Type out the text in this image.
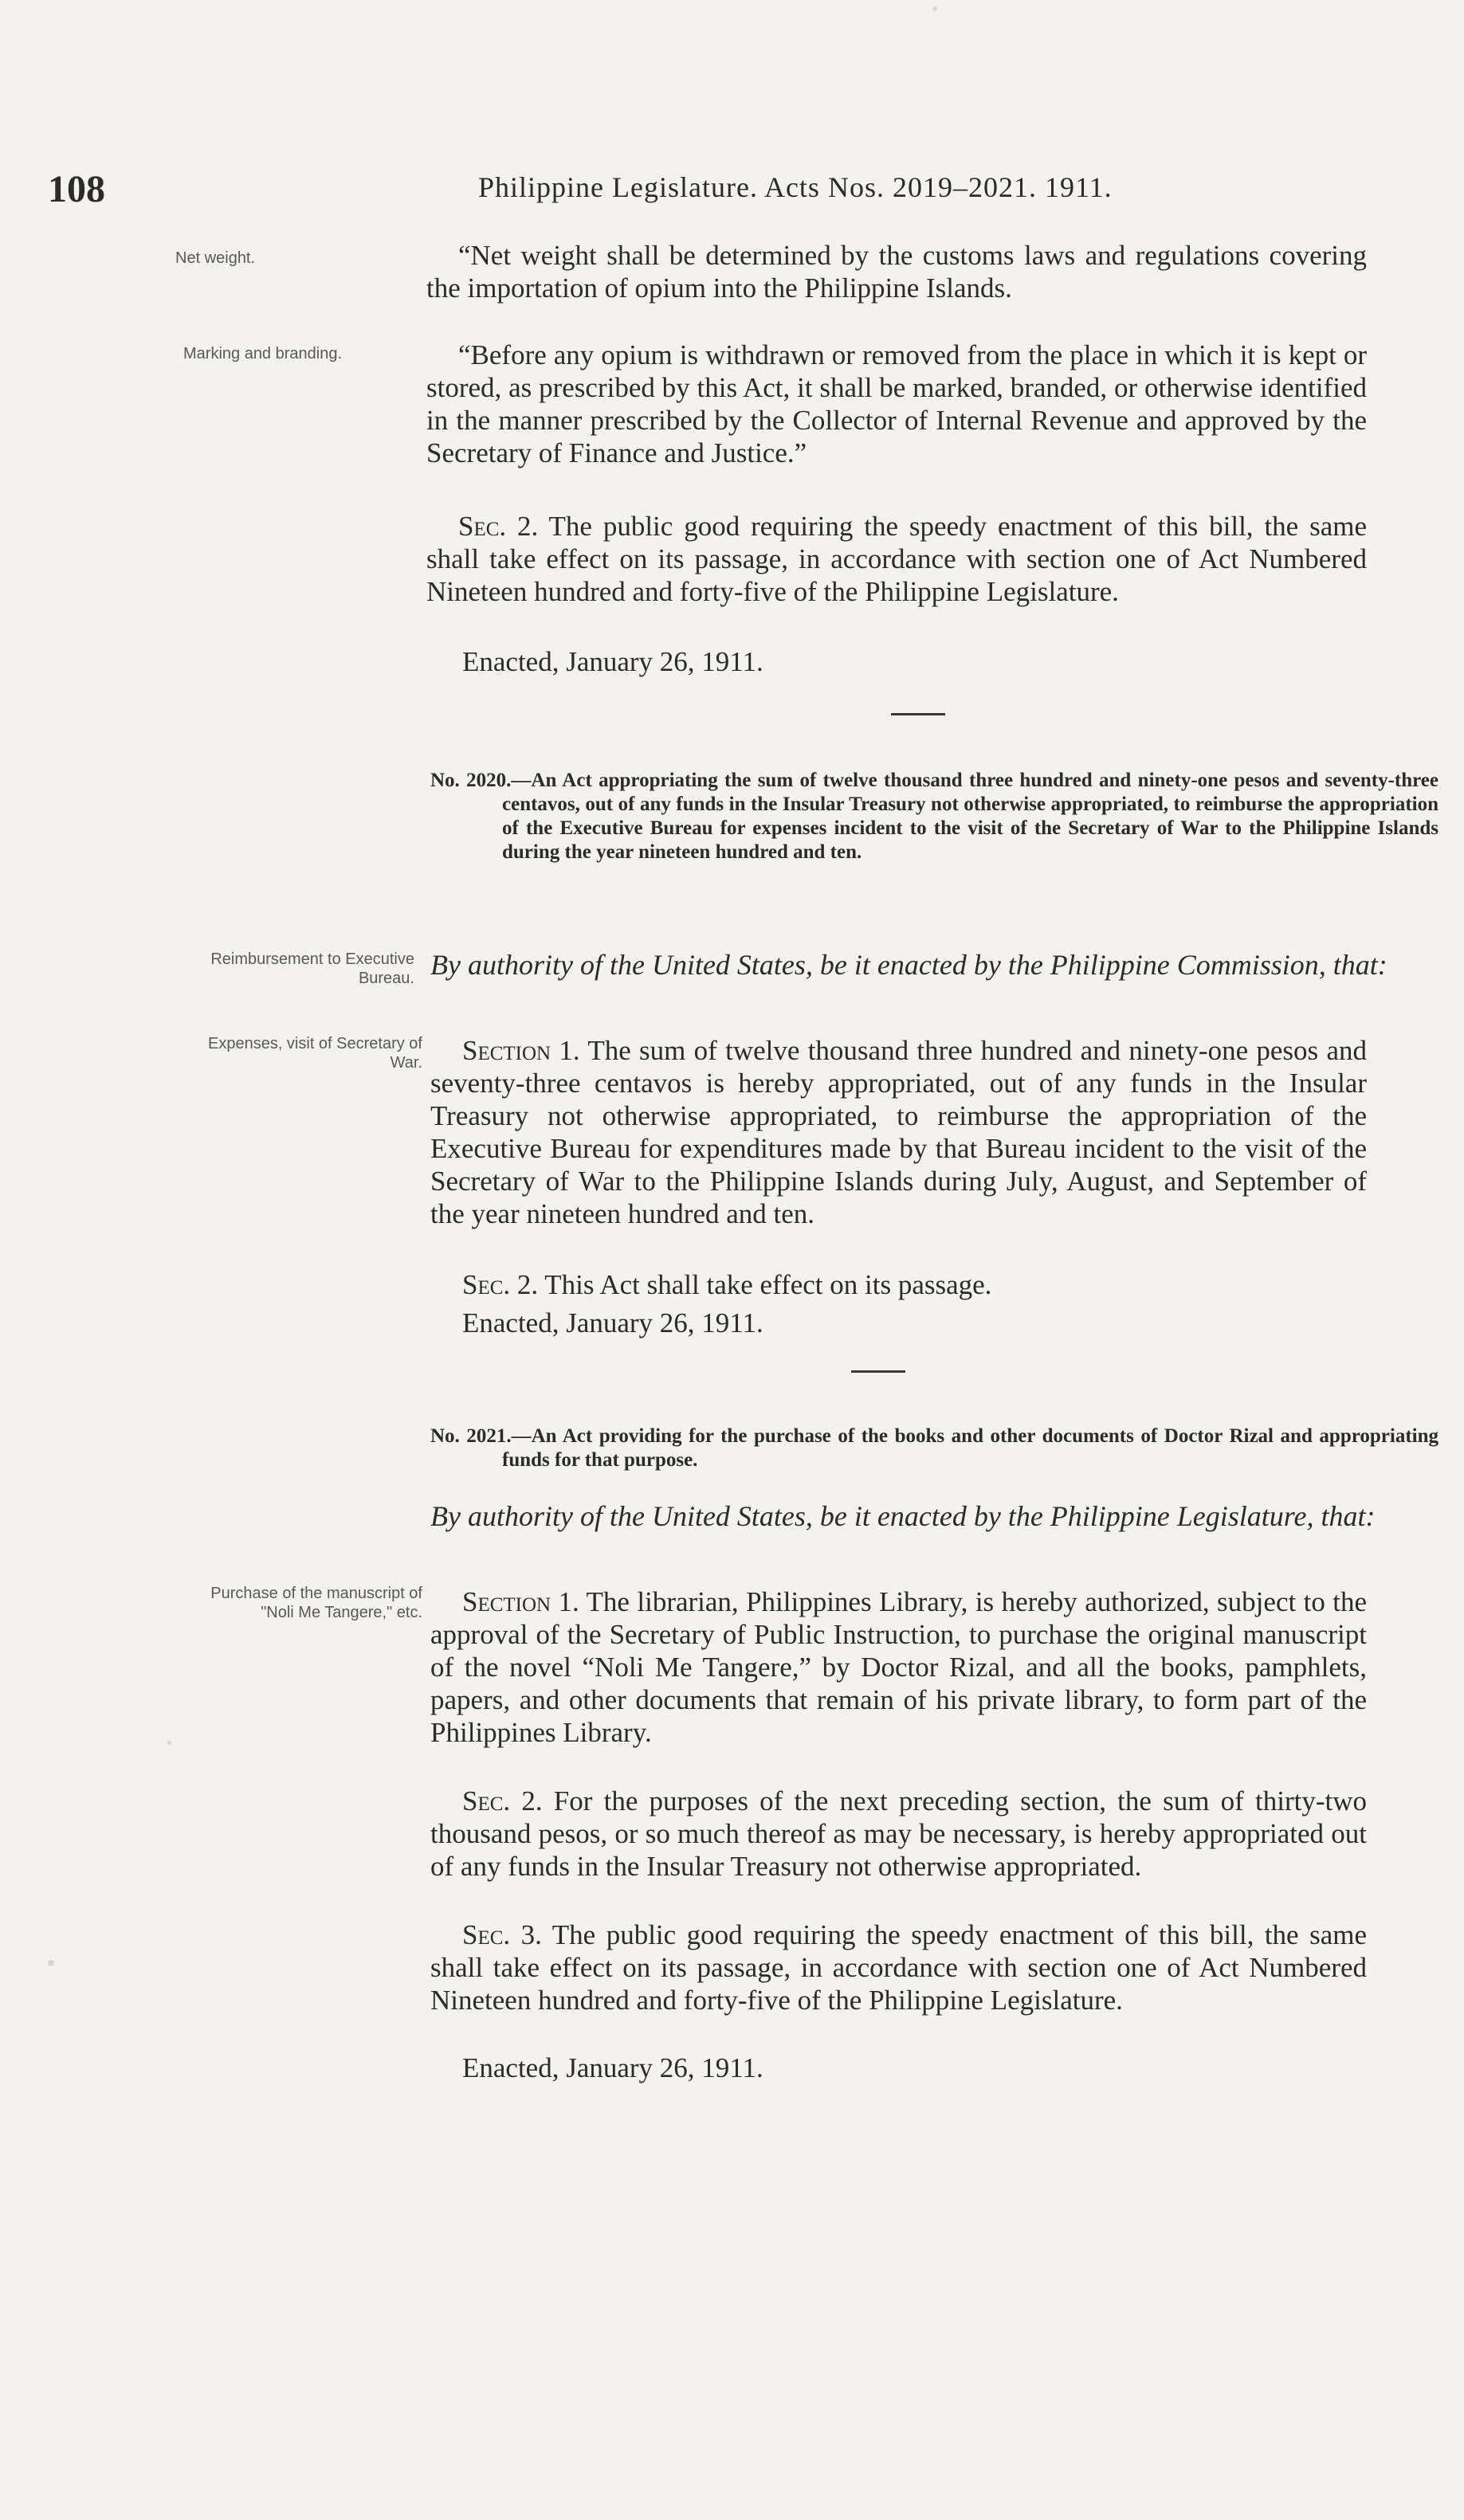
108	Philippine Legislature. Acts Nos. 2019–2021. 1911.
Net weight.
Marking and branding.
Reimbursement to Executive Bureau.
Expenses, visit of Secretary of War.
Purchase of the manuscript of "Noli Me Tangere," etc.
“Net weight shall be determined by the customs laws and regulations covering the importation of opium into the Philippine Islands.
“Before any opium is withdrawn or removed from the place in which it is kept or stored, as prescribed by this Act, it shall be marked, branded, or otherwise identified in the manner prescribed by the Collector of Internal Revenue and approved by the Secretary of Finance and Justice.”
Sec. 2. The public good requiring the speedy enactment of this bill, the same shall take effect on its passage, in accordance with section one of Act Numbered Nineteen hundred and forty-five of the Philippine Legislature.
Enacted, January 26, 1911.
No. 2020.—An Act appropriating the sum of twelve thousand three hundred and ninety-one pesos and seventy-three centavos, out of any funds in the Insular Treasury not otherwise appropriated, to reimburse the appropriation of the Executive Bureau for expenses incident to the visit of the Secretary of War to the Philippine Islands during the year nineteen hundred and ten.
By authority of the United States, be it enacted by the Philippine Commission, that:
Section 1. The sum of twelve thousand three hundred and ninety-one pesos and seventy-three centavos is hereby appropriated, out of any funds in the Insular Treasury not otherwise appropriated, to reimburse the appropriation of the Executive Bureau for expenditures made by that Bureau incident to the visit of the Secretary of War to the Philippine Islands during July, August, and September of the year nineteen hundred and ten.
Sec. 2. This Act shall take effect on its passage.
Enacted, January 26, 1911.
No. 2021.—An Act providing for the purchase of the books and other documents of Doctor Rizal and appropriating funds for that purpose.
By authority of the United States, be it enacted by the Philippine Legislature, that:
Section 1. The librarian, Philippines Library, is hereby authorized, subject to the approval of the Secretary of Public Instruction, to purchase the original manuscript of the novel “Noli Me Tangere,” by Doctor Rizal, and all the books, pamphlets, papers, and other documents that remain of his private library, to form part of the Philippines Library.
Sec. 2. For the purposes of the next preceding section, the sum of thirty-two thousand pesos, or so much thereof as may be necessary, is hereby appropriated out of any funds in the Insular Treasury not otherwise appropriated.
Sec. 3. The public good requiring the speedy enactment of this bill, the same shall take effect on its passage, in accordance with section one of Act Numbered Nineteen hundred and forty-five of the Philippine Legislature.
Enacted, January 26, 1911.
